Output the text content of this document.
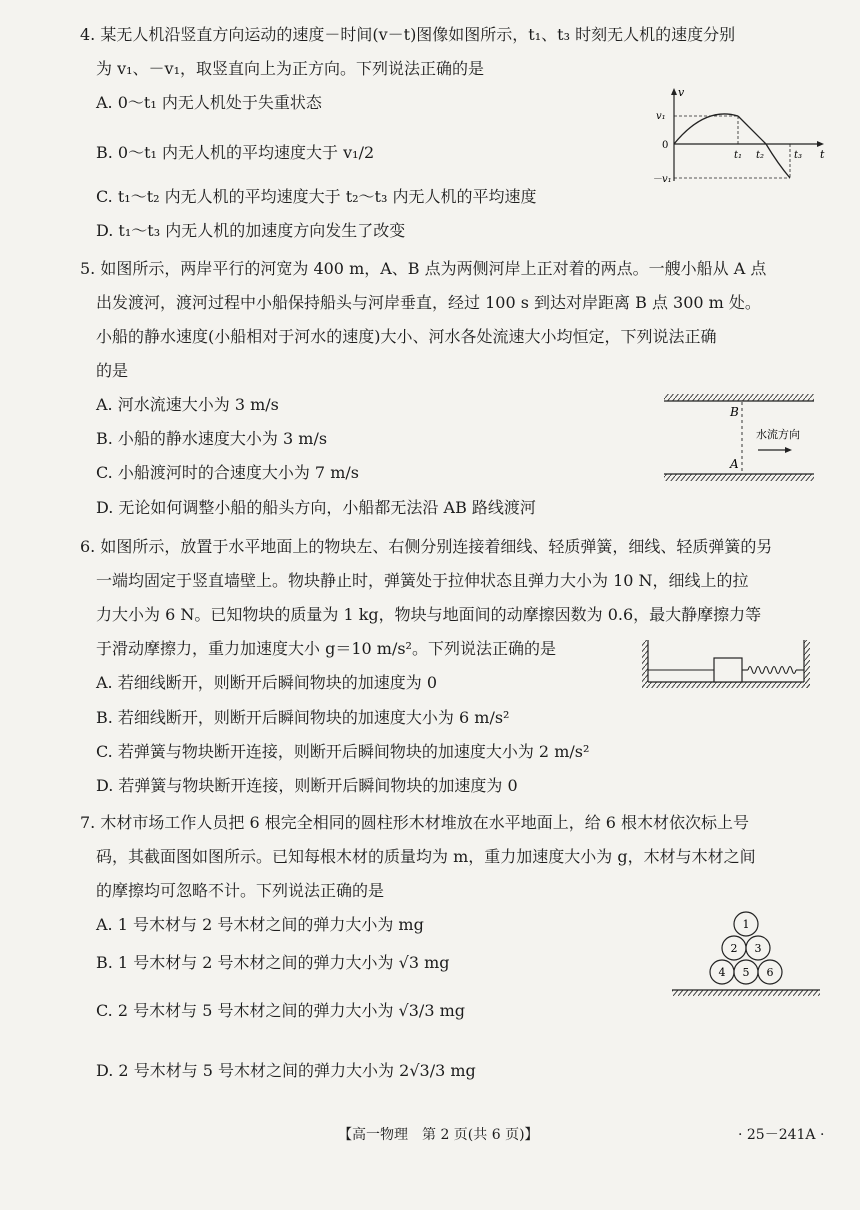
4. 某无人机沿竖直方向运动的速度－时间(v－t)图像如图所示，t₁、t₃ 时刻无人机的速度分别
为 v₁、－v₁，取竖直向上为正方向。下列说法正确的是
A. 0～t₁ 内无人机处于失重状态
B. 0～t₁ 内无人机的平均速度大于 v₁/2
C. t₁～t₂ 内无人机的平均速度大于 t₂～t₃ 内无人机的平均速度
D. t₁～t₃ 内无人机的加速度方向发生了改变
v
t
v₁
－v₁
0
t₁ t₂	t₃
5. 如图所示，两岸平行的河宽为 400 m，A、B 点为两侧河岸上正对着的两点。一艘小船从 A 点
出发渡河，渡河过程中小船保持船头与河岸垂直，经过 100 s 到达对岸距离 B 点 300 m 处。
小船的静水速度(小船相对于河水的速度)大小、河水各处流速大小均恒定，下列说法正确
的是
A. 河水流速大小为 3 m/s
B. 小船的静水速度大小为 3 m/s
C. 小船渡河时的合速度大小为 7 m/s
D. 无论如何调整小船的船头方向，小船都无法沿 AB 路线渡河
B
A
水流方向
6. 如图所示，放置于水平地面上的物块左、右侧分别连接着细线、轻质弹簧，细线、轻质弹簧的另
一端均固定于竖直墙壁上。物块静止时，弹簧处于拉伸状态且弹力大小为 10 N，细线上的拉
力大小为 6 N。已知物块的质量为 1 kg，物块与地面间的动摩擦因数为 0.6，最大静摩擦力等
于滑动摩擦力，重力加速度大小 g＝10 m/s²。下列说法正确的是
A. 若细线断开，则断开后瞬间物块的加速度为 0
B. 若细线断开，则断开后瞬间物块的加速度大小为 6 m/s²
C. 若弹簧与物块断开连接，则断开后瞬间物块的加速度大小为 2 m/s²
D. 若弹簧与物块断开连接，则断开后瞬间物块的加速度为 0
7. 木材市场工作人员把 6 根完全相同的圆柱形木材堆放在水平地面上，给 6 根木材依次标上号
码，其截面图如图所示。已知每根木材的质量均为 m，重力加速度大小为 g，木材与木材之间
的摩擦均可忽略不计。下列说法正确的是
A. 1 号木材与 2 号木材之间的弹力大小为 mg
B. 1 号木材与 2 号木材之间的弹力大小为 √3 mg
C. 2 号木材与 5 号木材之间的弹力大小为 √3/3 mg
D. 2 号木材与 5 号木材之间的弹力大小为 2√3/3 mg
1
2 3
4 5 6
【高一物理　第 2 页(共 6 页)】	· 25－241A ·
